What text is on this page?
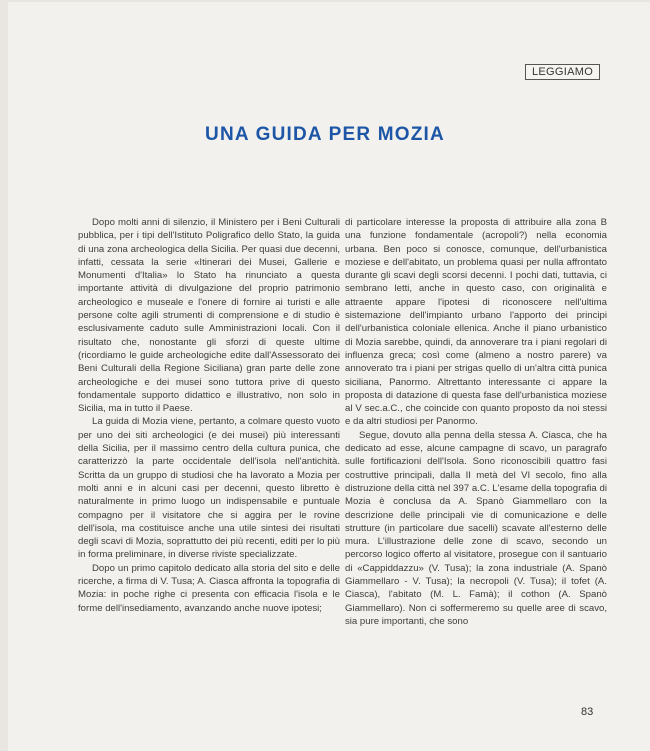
LEGGIAMO
UNA GUIDA PER MOZIA

Dopo molti anni di silenzio, il Ministero per i Beni Culturali pubblica, per i tipi dell'Istituto Poligrafico dello Stato, la guida di una zona archeologica della Sicilia. Per quasi due decenni, infatti, cessata la serie «Itinerari dei Musei, Gallerie e Monumenti d'Italia» lo Stato ha rinunciato a questa importante attività di divulgazione del proprio patrimonio archeologico e museale e l'onere di fornire ai turisti e alle persone colte agili strumenti di comprensione e di studio è esclusivamente caduto sulle Amministrazioni locali. Con il risultato che, nonostante gli sforzi di queste ultime (ricordiamo le guide archeologiche edite dall'Assessorato dei Beni Culturali della Regione Siciliana) gran parte delle zone archeologiche e dei musei sono tuttora prive di questo fondamentale supporto didattico e illustrativo, non solo in Sicilia, ma in tutto il Paese.

La guida di Mozia viene, pertanto, a colmare questo vuoto per uno dei siti archeologici (e dei musei) più interessanti della Sicilia, per il massimo centro della cultura punica, che caratterizzò la parte occidentale dell'isola nell'antichità. Scritta da un gruppo di studiosi che ha lavorato a Mozia per molti anni e in alcuni casi per decenni, questo libretto è naturalmente in primo luogo un indispensabile e puntuale compagno per il visitatore che si aggira per le rovine dell'isola, ma costituisce anche una utile sintesi dei risultati degli scavi di Mozia, soprattutto dei più recenti, editi per lo più in forma preliminare, in diverse riviste specializzate.

Dopo un primo capitolo dedicato alla storia del sito e delle ricerche, a firma di V. Tusa; A. Ciasca affronta la topografia di Mozia: in poche righe ci presenta con efficacia l'isola e le forme dell'insediamento, avanzando anche nuove ipotesi;

di particolare interesse la proposta di attribuire alla zona B una funzione fondamentale (acropoli?) nella economia urbana. Ben poco si conosce, comunque, dell'urbanistica moziese e dell'abitato, un problema quasi per nulla affrontato durante gli scavi degli scorsi decenni. I pochi dati, tuttavia, ci sembrano letti, anche in questo caso, con originalità e attraente appare l'ipotesi di riconoscere nell'ultima sistemazione dell'impianto urbano l'apporto dei principi dell'urbanistica coloniale ellenica. Anche il piano urbanistico di Mozia sarebbe, quindi, da annoverare tra i piani regolari di influenza greca; così come (almeno a nostro parere) va annoverato tra i piani per strigas quello di un'altra città punica siciliana, Panormo. Altrettanto interessante ci appare la proposta di datazione di questa fase dell'urbanistica moziese al V sec.a.C., che coincide con quanto proposto da noi stessi e da altri studiosi per Panormo.

Segue, dovuto alla penna della stessa A. Ciasca, che ha dedicato ad esse, alcune campagne di scavo, un paragrafo sulle fortificazioni dell'Isola. Sono riconoscibili quattro fasi costruttive principali, dalla II metà del VI secolo, fino alla distruzione della città nel 397 a.C. L'esame della topografia di Mozia è conclusa da A. Spanò Giammellaro con la descrizione delle principali vie di comunicazione e delle strutture (in particolare due sacelli) scavate all'esterno delle mura. L'illustrazione delle zone di scavo, secondo un percorso logico offerto al visitatore, prosegue con il santuario di «Cappiddazzu» (V. Tusa); la zona industriale (A. Spanò Giammellaro - V. Tusa); la necropoli (V. Tusa); il tofet (A. Ciasca), l'abitato (M. L. Famà); il cothon (A. Spanò Giammellaro). Non ci soffermeremo su quelle aree di scavo, sia pure importanti, che sono

83
